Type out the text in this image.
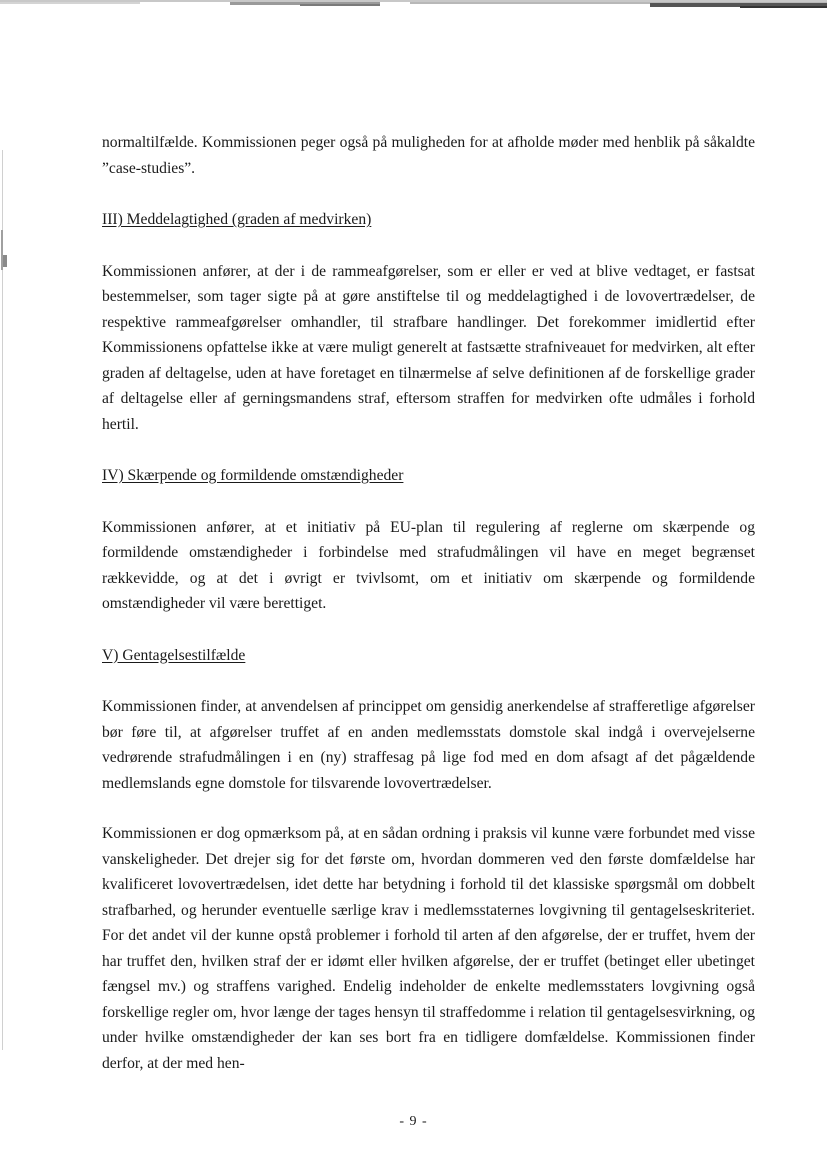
normaltilfælde. Kommissionen peger også på muligheden for at afholde møder med henblik på såkaldte ”case-studies”.

III) Meddelagtighed (graden af medvirken)

Kommissionen anfører, at der i de rammeafgørelser, som er eller er ved at blive vedtaget, er fastsat bestemmelser, som tager sigte på at gøre anstiftelse til og meddelagtighed i de lovovertrædelser, de respektive rammeafgørelser omhandler, til strafbare handlinger. Det forekommer imidlertid efter Kommissionens opfattelse ikke at være muligt generelt at fastsætte strafniveauet for medvirken, alt efter graden af deltagelse, uden at have foretaget en tilnærmelse af selve definitionen af de forskellige grader af deltagelse eller af gerningsmandens straf, eftersom straffen for medvirken ofte udmåles i forhold hertil.

IV) Skærpende og formildende omstændigheder

Kommissionen anfører, at et initiativ på EU-plan til regulering af reglerne om skærpende og formildende omstændigheder i forbindelse med strafudmålingen vil have en meget begrænset rækkevidde, og at det i øvrigt er tvivlsomt, om et initiativ om skærpende og formildende omstændigheder vil være berettiget.

V) Gentagelsestilfælde

Kommissionen finder, at anvendelsen af princippet om gensidig anerkendelse af strafferetlige afgørelser bør føre til, at afgørelser truffet af en anden medlemsstats domstole skal indgå i overvejelserne vedrørende strafudmålingen i en (ny) straffesag på lige fod med en dom afsagt af det pågældende medlemslands egne domstole for tilsvarende lovovertrædelser.

Kommissionen er dog opmærksom på, at en sådan ordning i praksis vil kunne være forbundet med visse vanskeligheder. Det drejer sig for det første om, hvordan dommeren ved den første domfældelse har kvalificeret lovovertrædelsen, idet dette har betydning i forhold til det klassiske spørgsmål om dobbelt strafbarhed, og herunder eventuelle særlige krav i medlemsstaternes lovgivning til gentagelseskriteriet. For det andet vil der kunne opstå problemer i forhold til arten af den afgørelse, der er truffet, hvem der har truffet den, hvilken straf der er idømt eller hvilken afgørelse, der er truffet (betinget eller ubetinget fængsel mv.) og straffens varighed. Endelig indeholder de enkelte medlemsstaters lovgivning også forskellige regler om, hvor længe der tages hensyn til straffedomme i relation til gentagelsesvirkning, og under hvilke omstændigheder der kan ses bort fra en tidligere domfældelse. Kommissionen finder derfor, at der med hen-

- 9 -
